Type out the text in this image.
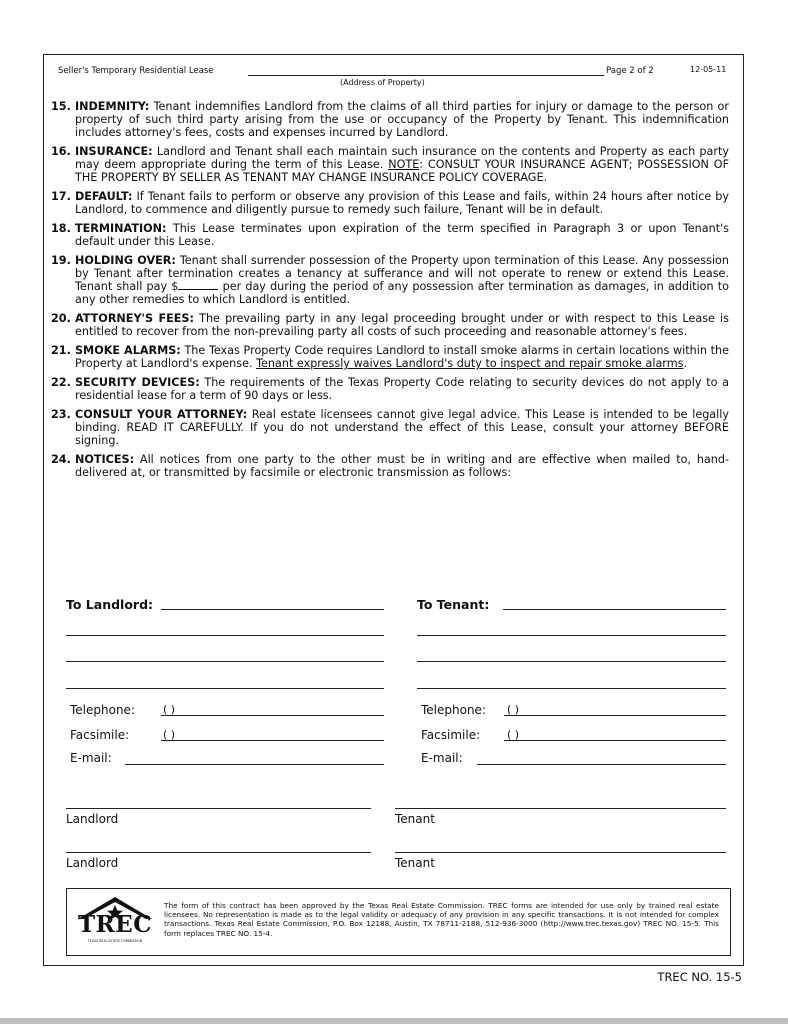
Seller's Temporary Residential Lease	Page 2 of 2	12-05-11
(Address of Property)
15. INDEMNITY: Tenant indemnifies Landlord from the claims of all third parties for injury or damage to the person or property of such third party arising from the use or occupancy of the Property by Tenant. This indemnification includes attorney's fees, costs and expenses incurred by Landlord.
16. INSURANCE: Landlord and Tenant shall each maintain such insurance on the contents and Property as each party may deem appropriate during the term of this Lease. NOTE: CONSULT YOUR INSURANCE AGENT; POSSESSION OF THE PROPERTY BY SELLER AS TENANT MAY CHANGE INSURANCE POLICY COVERAGE.
17. DEFAULT: If Tenant fails to perform or observe any provision of this Lease and fails, within 24 hours after notice by Landlord, to commence and diligently pursue to remedy such failure, Tenant will be in default.
18. TERMINATION: This Lease terminates upon expiration of the term specified in Paragraph 3 or upon Tenant's default under this Lease.
19. HOLDING OVER: Tenant shall surrender possession of the Property upon termination of this Lease. Any possession by Tenant after termination creates a tenancy at sufferance and will not operate to renew or extend this Lease. Tenant shall pay $	per day during the period of any possession after termination as damages, in addition to any other remedies to which Landlord is entitled.
20. ATTORNEY'S FEES: The prevailing party in any legal proceeding brought under or with respect to this Lease is entitled to recover from the non-prevailing party all costs of such proceeding and reasonable attorney's fees.
21. SMOKE ALARMS: The Texas Property Code requires Landlord to install smoke alarms in certain locations within the Property at Landlord's expense. Tenant expressly waives Landlord's duty to inspect and repair smoke alarms.
22. SECURITY DEVICES: The requirements of the Texas Property Code relating to security devices do not apply to a residential lease for a term of 90 days or less.
23. CONSULT YOUR ATTORNEY: Real estate licensees cannot give legal advice. This Lease is intended to be legally binding. READ IT CAREFULLY. If you do not understand the effect of this Lease, consult your attorney BEFORE signing.
24. NOTICES: All notices from one party to the other must be in writing and are effective when mailed to, hand-delivered at, or transmitted by facsimile or electronic transmission as follows:
To Landlord:	To Tenant:
Telephone:	( )
Facsimile:	( )
E-mail:
Telephone: ( )
Facsimile: ( )
E-mail:
Landlord	Tenant
Landlord	Tenant
TREC
TEXAS REAL ESTATE COMMISSION
The form of this contract has been approved by the Texas Real Estate Commission. TREC forms are intended for use only by trained real estate licensees. No representation is made as to the legal validity or adequacy of any provision in any specific transactions. It is not intended for complex transactions. Texas Real Estate Commission, P.O. Box 12188, Austin, TX 78711-2188, 512-936-3000 (http://www.trec.texas.gov) TREC NO. 15-5. This form replaces TREC NO. 15-4.
TREC NO. 15-5
